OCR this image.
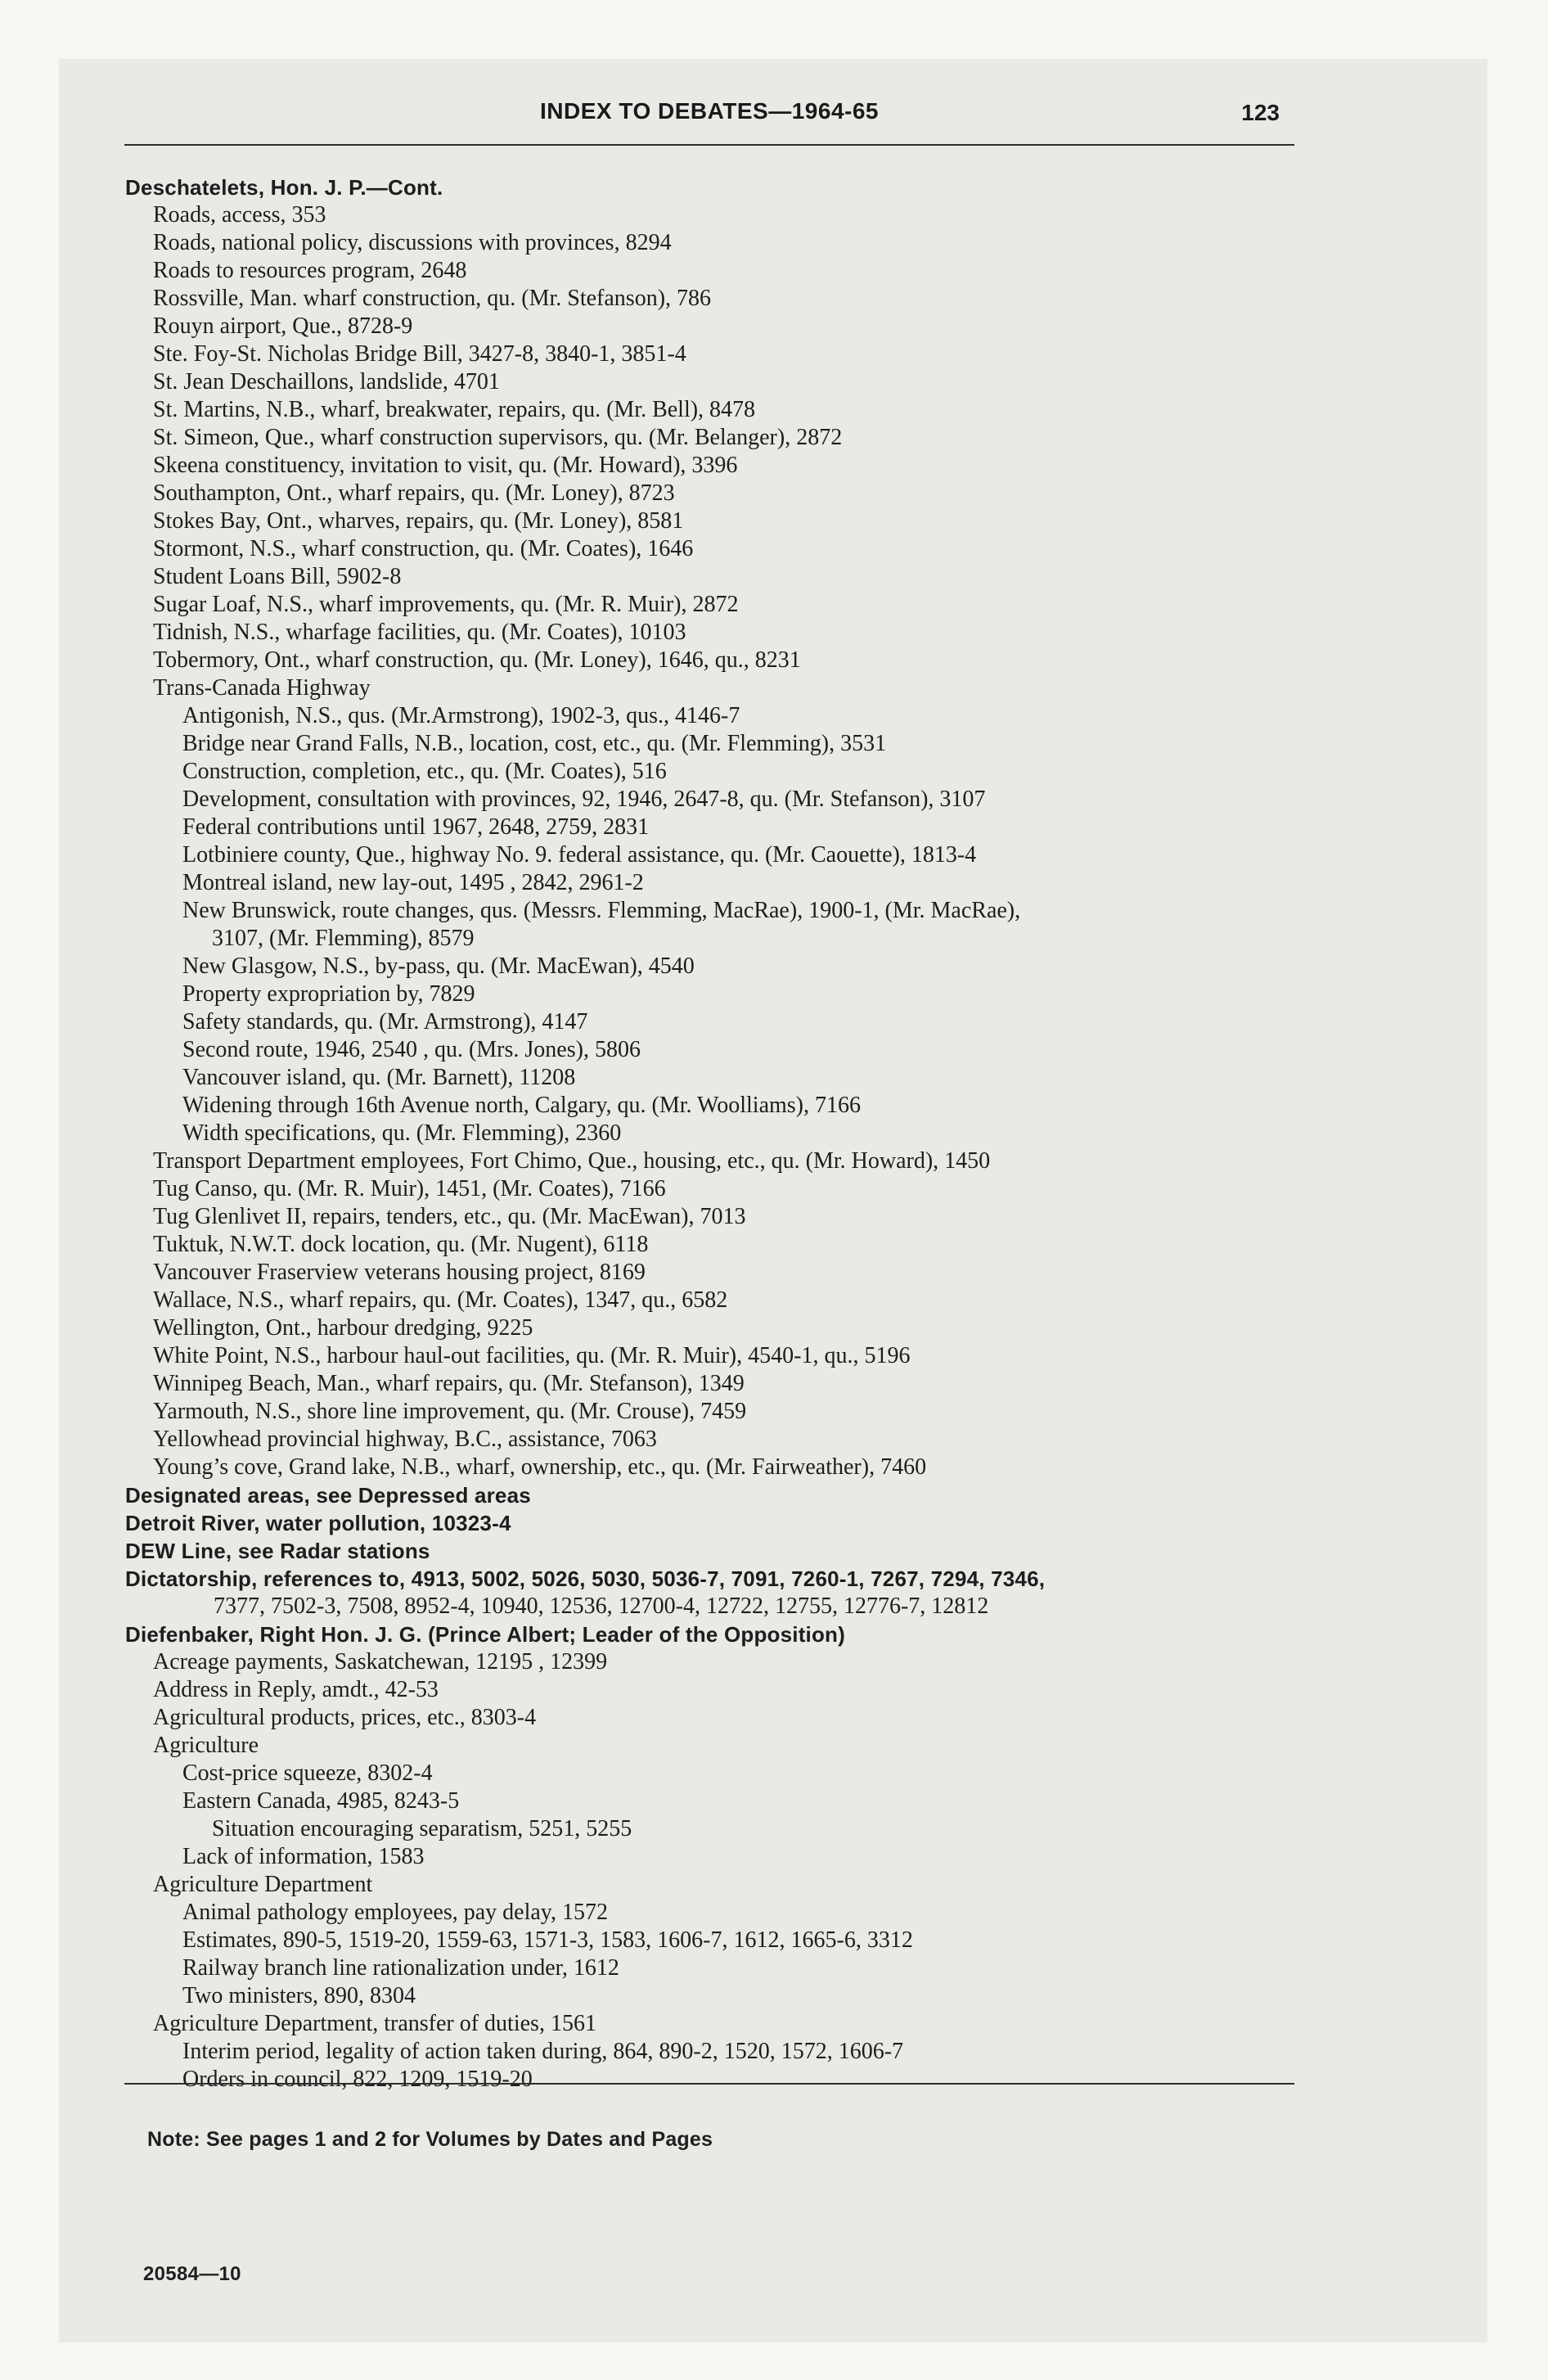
INDEX TO DEBATES—1964-65	123
Deschatelets, Hon. J. P.—Cont.
Roads, access, 353
Roads, national policy, discussions with provinces, 8294
Roads to resources program, 2648
Rossville, Man. wharf construction, qu. (Mr. Stefanson), 786
Rouyn airport, Que., 8728-9
Ste. Foy-St. Nicholas Bridge Bill, 3427-8, 3840-1, 3851-4
St. Jean Deschaillons, landslide, 4701
St. Martins, N.B., wharf, breakwater, repairs, qu. (Mr. Bell), 8478
St. Simeon, Que., wharf construction supervisors, qu. (Mr. Belanger), 2872
Skeena constituency, invitation to visit, qu. (Mr. Howard), 3396
Southampton, Ont., wharf repairs, qu. (Mr. Loney), 8723
Stokes Bay, Ont., wharves, repairs, qu. (Mr. Loney), 8581
Stormont, N.S., wharf construction, qu. (Mr. Coates), 1646
Student Loans Bill, 5902-8
Sugar Loaf, N.S., wharf improvements, qu. (Mr. R. Muir), 2872
Tidnish, N.S., wharfage facilities, qu. (Mr. Coates), 10103
Tobermory, Ont., wharf construction, qu. (Mr. Loney), 1646, qu., 8231
Trans-Canada Highway
Antigonish, N.S., qus. (Mr.Armstrong), 1902-3, qus., 4146-7
Bridge near Grand Falls, N.B., location, cost, etc., qu. (Mr. Flemming), 3531
Construction, completion, etc., qu. (Mr. Coates), 516
Development, consultation with provinces, 92, 1946, 2647-8, qu. (Mr. Stefanson), 3107
Federal contributions until 1967, 2648, 2759, 2831
Lotbiniere county, Que., highway No. 9. federal assistance, qu. (Mr. Caouette), 1813-4
Montreal island, new lay-out, 1495 , 2842, 2961-2
New Brunswick, route changes, qus. (Messrs. Flemming, MacRae), 1900-1, (Mr. MacRae),
3107, (Mr. Flemming), 8579
New Glasgow, N.S., by-pass, qu. (Mr. MacEwan), 4540
Property expropriation by, 7829
Safety standards, qu. (Mr. Armstrong), 4147
Second route, 1946, 2540 , qu. (Mrs. Jones), 5806
Vancouver island, qu. (Mr. Barnett), 11208
Widening through 16th Avenue north, Calgary, qu. (Mr. Woolliams), 7166
Width specifications, qu. (Mr. Flemming), 2360
Transport Department employees, Fort Chimo, Que., housing, etc., qu. (Mr. Howard), 1450
Tug Canso, qu. (Mr. R. Muir), 1451, (Mr. Coates), 7166
Tug Glenlivet II, repairs, tenders, etc., qu. (Mr. MacEwan), 7013
Tuktuk, N.W.T. dock location, qu. (Mr. Nugent), 6118
Vancouver Fraserview veterans housing project, 8169
Wallace, N.S., wharf repairs, qu. (Mr. Coates), 1347, qu., 6582
Wellington, Ont., harbour dredging, 9225
White Point, N.S., harbour haul-out facilities, qu. (Mr. R. Muir), 4540-1, qu., 5196
Winnipeg Beach, Man., wharf repairs, qu. (Mr. Stefanson), 1349
Yarmouth, N.S., shore line improvement, qu. (Mr. Crouse), 7459
Yellowhead provincial highway, B.C., assistance, 7063
Young’s cove, Grand lake, N.B., wharf, ownership, etc., qu. (Mr. Fairweather), 7460
Designated areas, see Depressed areas
Detroit River, water pollution, 10323-4
DEW Line, see Radar stations
Dictatorship, references to, 4913, 5002, 5026, 5030, 5036-7, 7091, 7260-1, 7267, 7294, 7346,
7377, 7502-3, 7508, 8952-4, 10940, 12536, 12700-4, 12722, 12755, 12776-7, 12812
Diefenbaker, Right Hon. J. G. (Prince Albert; Leader of the Opposition)
Acreage payments, Saskatchewan, 12195 , 12399
Address in Reply, amdt., 42-53
Agricultural products, prices, etc., 8303-4
Agriculture
Cost-price squeeze, 8302-4
Eastern Canada, 4985, 8243-5
Situation encouraging separatism, 5251, 5255
Lack of information, 1583
Agriculture Department
Animal pathology employees, pay delay, 1572
Estimates, 890-5, 1519-20, 1559-63, 1571-3, 1583, 1606-7, 1612, 1665-6, 3312
Railway branch line rationalization under, 1612
Two ministers, 890, 8304
Agriculture Department, transfer of duties, 1561
Interim period, legality of action taken during, 864, 890-2, 1520, 1572, 1606-7
Orders in council, 822, 1209, 1519-20
Note: See pages 1 and 2 for Volumes by Dates and Pages
20584—10
